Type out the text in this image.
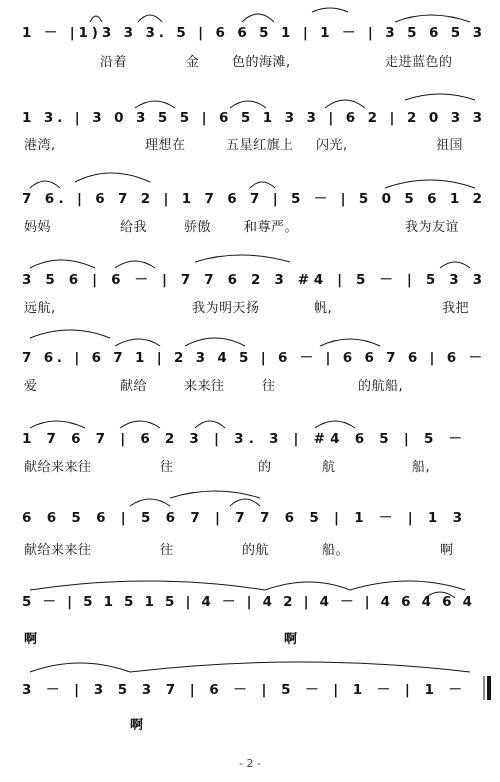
1 － |1)3 3 3. 5 | 6 6 5 1 | 1 － | 3 5 6 5 3
1 3. | 3 0 3 5 5 | 6 5 1 3 3 | 6 2 | 2 0 3 3
7 6. | 6 7 2 | 1 7 6 7 | 5 － | 5 0 5 6 1 2
3 5 6 | 6 － | 7 7 6 2 3 #4 | 5 － | 5 3 3
7 6. | 6 7 1 | 2 3 4 5 | 6 － | 6 6 7 6 | 6 －
1 7 6 7 | 6 2 3 | 3. 3 | #4 6 5 | 5 －
6 6 5 6 | 5 6 7 | 7 7 6 5 | 1 － | 1 3
5 － | 5 1 5 1 5 | 4 － | 4 2 | 4 － | 4 6 4 6 4
3 － | 3 5 3 7 | 6 － | 5 － | 1 － | 1 －
沿着	金 色的海滩,	走进蓝色的
港湾,	理想在	五星红旗上 闪光,	祖国
妈妈	给我	骄傲	和尊严。	我为友谊
远航,	我为明天扬	帆,	我把
爱	献给	来来往	往	的航船,
献给来来往	往	的	航	船,
献给来来往	往	的航	船。	啊
啊	啊
啊
- 2 -
